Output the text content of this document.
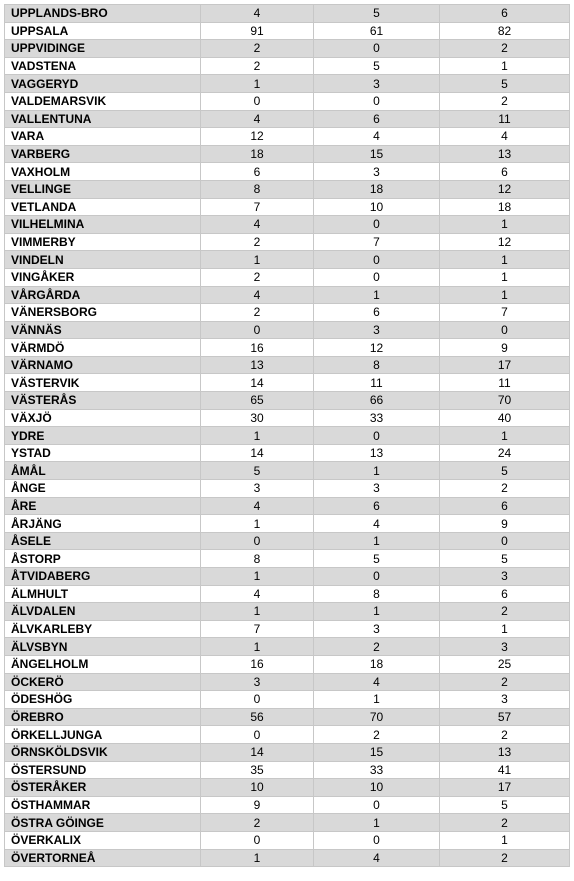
UPPLANDS-BRO	4	5	6
UPPSALA	91	61	82
UPPVIDINGE	2	0	2
VADSTENA	2	5	1
VAGGERYD	1	3	5
VALDEMARSVIK	0	0	2
VALLENTUNA	4	6	11
VARA	12	4	4
VARBERG	18	15	13
VAXHOLM	6	3	6
VELLINGE	8	18	12
VETLANDA	7	10	18
VILHELMINA	4	0	1
VIMMERBY	2	7	12
VINDELN	1	0	1
VINGÅKER	2	0	1
VÅRGÅRDA	4	1	1
VÄNERSBORG	2	6	7
VÄNNÄS	0	3	0
VÄRMDÖ	16	12	9
VÄRNAMO	13	8	17
VÄSTERVIK	14	11	11
VÄSTERÅS	65	66	70
VÄXJÖ	30	33	40
YDRE	1	0	1
YSTAD	14	13	24
ÅMÅL	5	1	5
ÅNGE	3	3	2
ÅRE	4	6	6
ÅRJÄNG	1	4	9
ÅSELE	0	1	0
ÅSTORP	8	5	5
ÅTVIDABERG	1	0	3
ÄLMHULT	4	8	6
ÄLVDALEN	1	1	2
ÄLVKARLEBY	7	3	1
ÄLVSBYN	1	2	3
ÄNGELHOLM	16	18	25
ÖCKERÖ	3	4	2
ÖDESHÖG	0	1	3
ÖREBRO	56	70	57
ÖRKELLJUNGA	0	2	2
ÖRNSKÖLDSVIK	14	15	13
ÖSTERSUND	35	33	41
ÖSTERÅKER	10	10	17
ÖSTHAMMAR	9	0	5
ÖSTRA GÖINGE	2	1	2
ÖVERKALIX	0	0	1
ÖVERTORNEÅ	1	4	2
